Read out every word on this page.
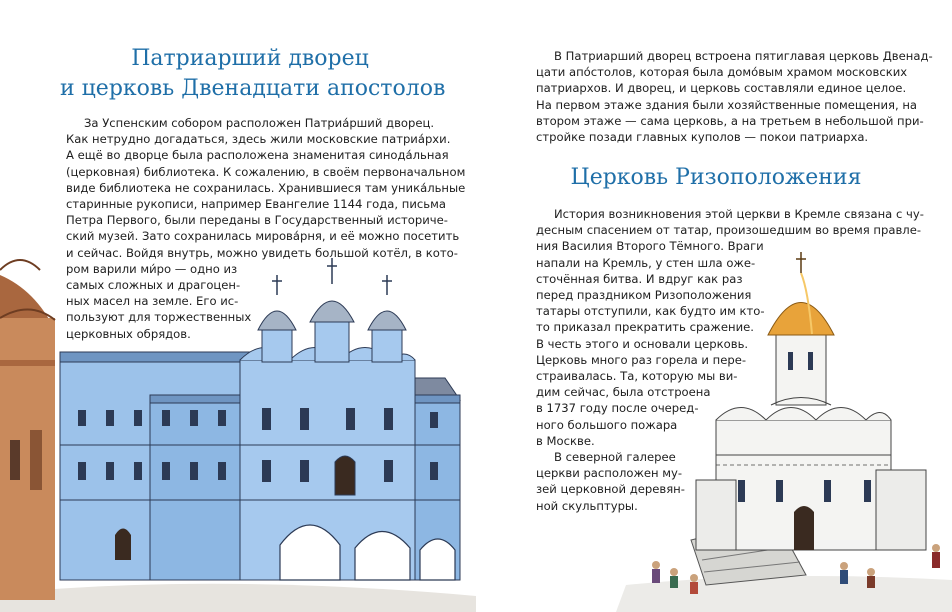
Патриарший дворец
и церковь Двенадцати апостолов
За Успенским собором расположен Патриа́рший дворец.
Как нетрудно догадаться, здесь жили московские патриа́рхи.
А ещё во дворце была расположена знаменитая синода́льная
(церковная) библиотека. К сожалению, в своём первоначальном
виде библиотека не сохранилась. Хранившиеся там уника́льные
старинные рукописи, например Евангелие 1144 года, письма
Петра Первого, были переданы в Государственный историче-
ский музей. Зато сохранилась мирова́рня, и её можно посетить
и сейчас. Войдя внутрь, можно увидеть большой котёл, в кото-
ром варили ми́ро — одно из
самых сложных и драгоцен-
ных масел на земле. Его ис-
пользуют для торжественных
церковных обрядов.
В Патриарший дворец встроена пятиглавая церковь Двенад-
цати апо́столов, которая была домо́вым храмом московских
патриархов. И дворец, и церковь составляли единое целое.
На первом этаже здания были хозяйственные помещения, на
втором этаже — сама церковь, а на третьем в небольшой при-
стройке позади главных куполов — покои патриарха.
Церковь Ризоположения
История возникновения этой церкви в Кремле связана с чу-
десным спасением от татар, произошедшим во время правле-
ния Василия Второго Тёмного. Враги
напали на Кремль, у стен шла оже-
сточённая битва. И вдруг как раз
перед праздником Ризоположения
татары отступили, как будто им кто-
то приказал прекратить сражение.
В честь этого и основали церковь.
Церковь много раз горела и пере-
страивалась. Та, которую мы ви-
дим сейчас, была отстроена
в 1737 году после очеред-
ного большого пожара
в Москве.
В северной галерее
церкви расположен му-
зей церковной деревян-
ной скульптуры.
